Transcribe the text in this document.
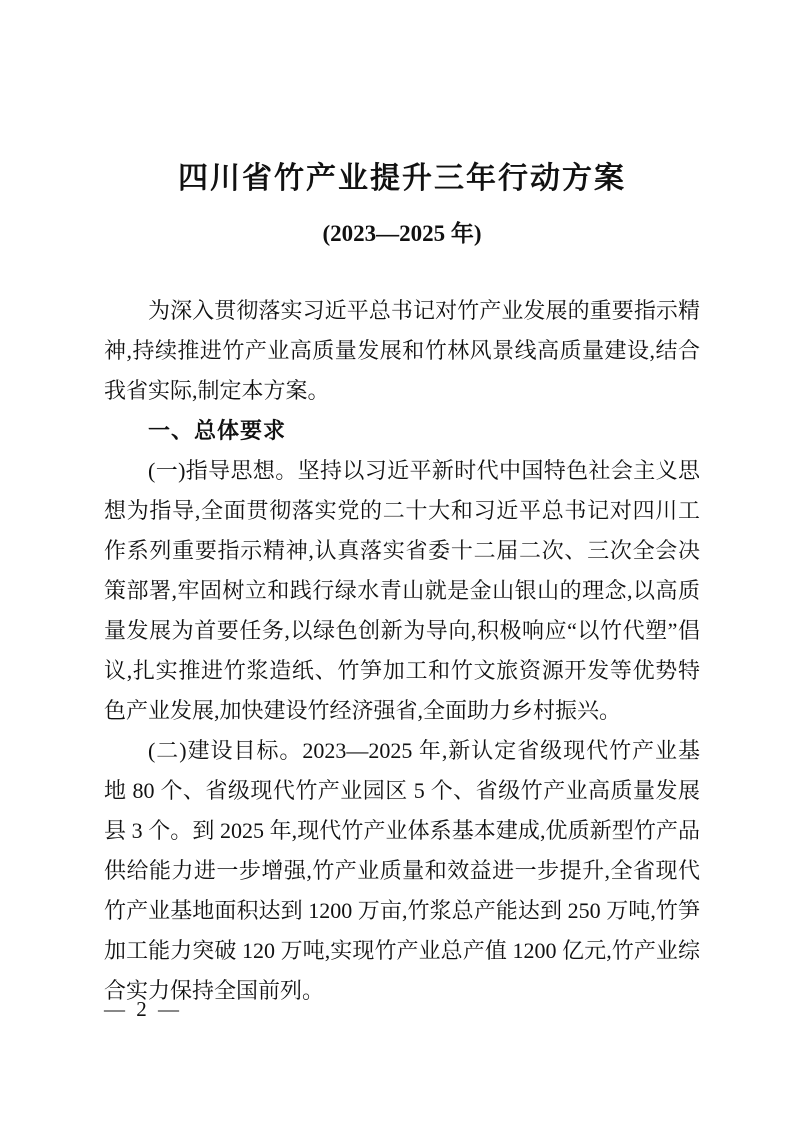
四川省竹产业提升三年行动方案
(2023—2025 年)

为深入贯彻落实习近平总书记对竹产业发展的重要指示精神,持续推进竹产业高质量发展和竹林风景线高质量建设,结合我省实际,制定本方案。

一、总体要求

(一)指导思想。坚持以习近平新时代中国特色社会主义思想为指导,全面贯彻落实党的二十大和习近平总书记对四川工作系列重要指示精神,认真落实省委十二届二次、三次全会决策部署,牢固树立和践行绿水青山就是金山银山的理念,以高质量发展为首要任务,以绿色创新为导向,积极响应“以竹代塑”倡议,扎实推进竹浆造纸、竹笋加工和竹文旅资源开发等优势特色产业发展,加快建设竹经济强省,全面助力乡村振兴。

(二)建设目标。2023—2025 年,新认定省级现代竹产业基地 80 个、省级现代竹产业园区 5 个、省级竹产业高质量发展县 3 个。到 2025 年,现代竹产业体系基本建成,优质新型竹产品供给能力进一步增强,竹产业质量和效益进一步提升,全省现代竹产业基地面积达到 1200 万亩,竹浆总产能达到 250 万吨,竹笋加工能力突破 120 万吨,实现竹产业总产值 1200 亿元,竹产业综合实力保持全国前列。

— 2 —
